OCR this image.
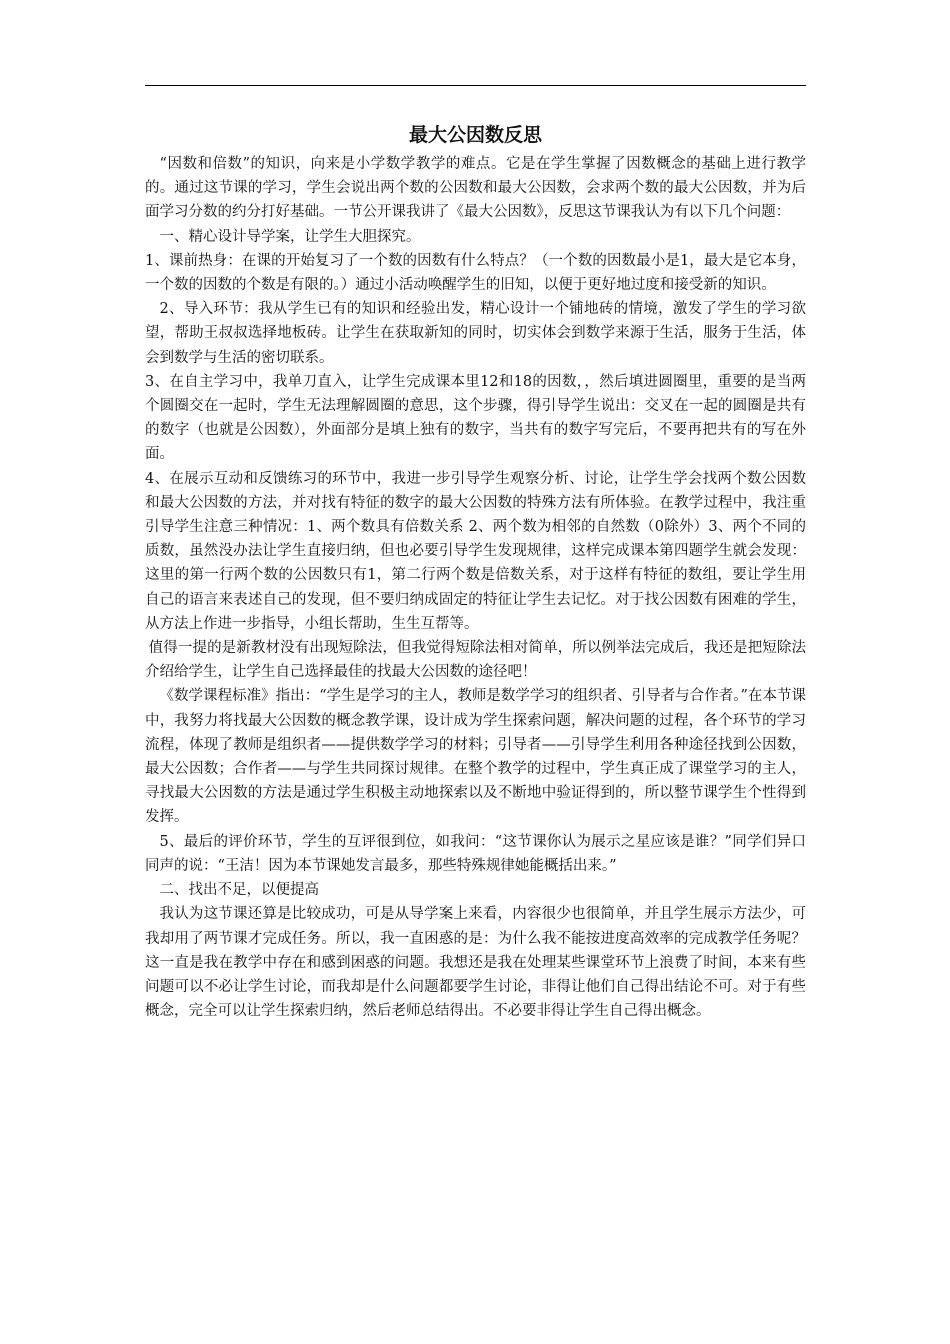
最大公因数反思

“因数和倍数”的知识，向来是小学数学教学的难点。它是在学生掌握了因数概念的基础上进行教学的。通过这节课的学习，学生会说出两个数的公因数和最大公因数，会求两个数的最大公因数，并为后面学习分数的约分打好基础。一节公开课我讲了《最大公因数》，反思这节课我认为有以下几个问题：

一、精心设计导学案，让学生大胆探究。

1、课前热身：在课的开始复习了一个数的因数有什么特点？（一个数的因数最小是1，最大是它本身，一个数的因数的个数是有限的。）通过小活动唤醒学生的旧知，以便于更好地过度和接受新的知识。

2、导入环节：我从学生已有的知识和经验出发，精心设计一个铺地砖的情境，激发了学生的学习欲望，帮助王叔叔选择地板砖。让学生在获取新知的同时，切实体会到数学来源于生活，服务于生活，体会到数学与生活的密切联系。

3、在自主学习中，我单刀直入，让学生完成课本里12和18的因数，，然后填进圆圈里，重要的是当两个圆圈交在一起时，学生无法理解圆圈的意思，这个步骤，得引导学生说出：交叉在一起的圆圈是共有的数字（也就是公因数），外面部分是填上独有的数字，当共有的数字写完后，不要再把共有的写在外面。

4、在展示互动和反馈练习的环节中，我进一步引导学生观察分析、讨论，让学生学会找两个数公因数和最大公因数的方法，并对找有特征的数字的最大公因数的特殊方法有所体验。在教学过程中，我注重引导学生注意三种情况：1、两个数具有倍数关系 2、两个数为相邻的自然数（0除外）3、两个不同的质数，虽然没办法让学生直接归纳，但也必要引导学生发现规律，这样完成课本第四题学生就会发现：这里的第一行两个数的公因数只有1，第二行两个数是倍数关系，对于这样有特征的数组，要让学生用自己的语言来表述自己的发现，但不要归纳成固定的特征让学生去记忆。对于找公因数有困难的学生，从方法上作进一步指导，小组长帮助，生生互帮等。

值得一提的是新教材没有出现短除法，但我觉得短除法相对简单，所以例举法完成后，我还是把短除法介绍给学生，让学生自己选择最佳的找最大公因数的途径吧！

《数学课程标准》指出：“学生是学习的主人，教师是数学学习的组织者、引导者与合作者。”在本节课中，我努力将找最大公因数的概念教学课，设计成为学生探索问题，解决问题的过程，各个环节的学习流程，体现了教师是组织者——提供数学学习的材料；引导者——引导学生利用各种途径找到公因数，最大公因数；合作者——与学生共同探讨规律。在整个教学的过程中，学生真正成了课堂学习的主人，寻找最大公因数的方法是通过学生积极主动地探索以及不断地中验证得到的，所以整节课学生个性得到发挥。

5、最后的评价环节，学生的互评很到位，如我问：“这节课你认为展示之星应该是谁？”同学们异口同声的说：“王洁！因为本节课她发言最多，那些特殊规律她能概括出来。”

二、找出不足，以便提高

我认为这节课还算是比较成功，可是从导学案上来看，内容很少也很简单，并且学生展示方法少，可我却用了两节课才完成任务。所以，我一直困惑的是：为什么我不能按进度高效率的完成教学任务呢？这一直是我在教学中存在和感到困惑的问题。我想还是我在处理某些课堂环节上浪费了时间，本来有些问题可以不必让学生讨论，而我却是什么问题都要学生讨论，非得让他们自己得出结论不可。对于有些概念，完全可以让学生探索归纳，然后老师总结得出。不必要非得让学生自己得出概念。
